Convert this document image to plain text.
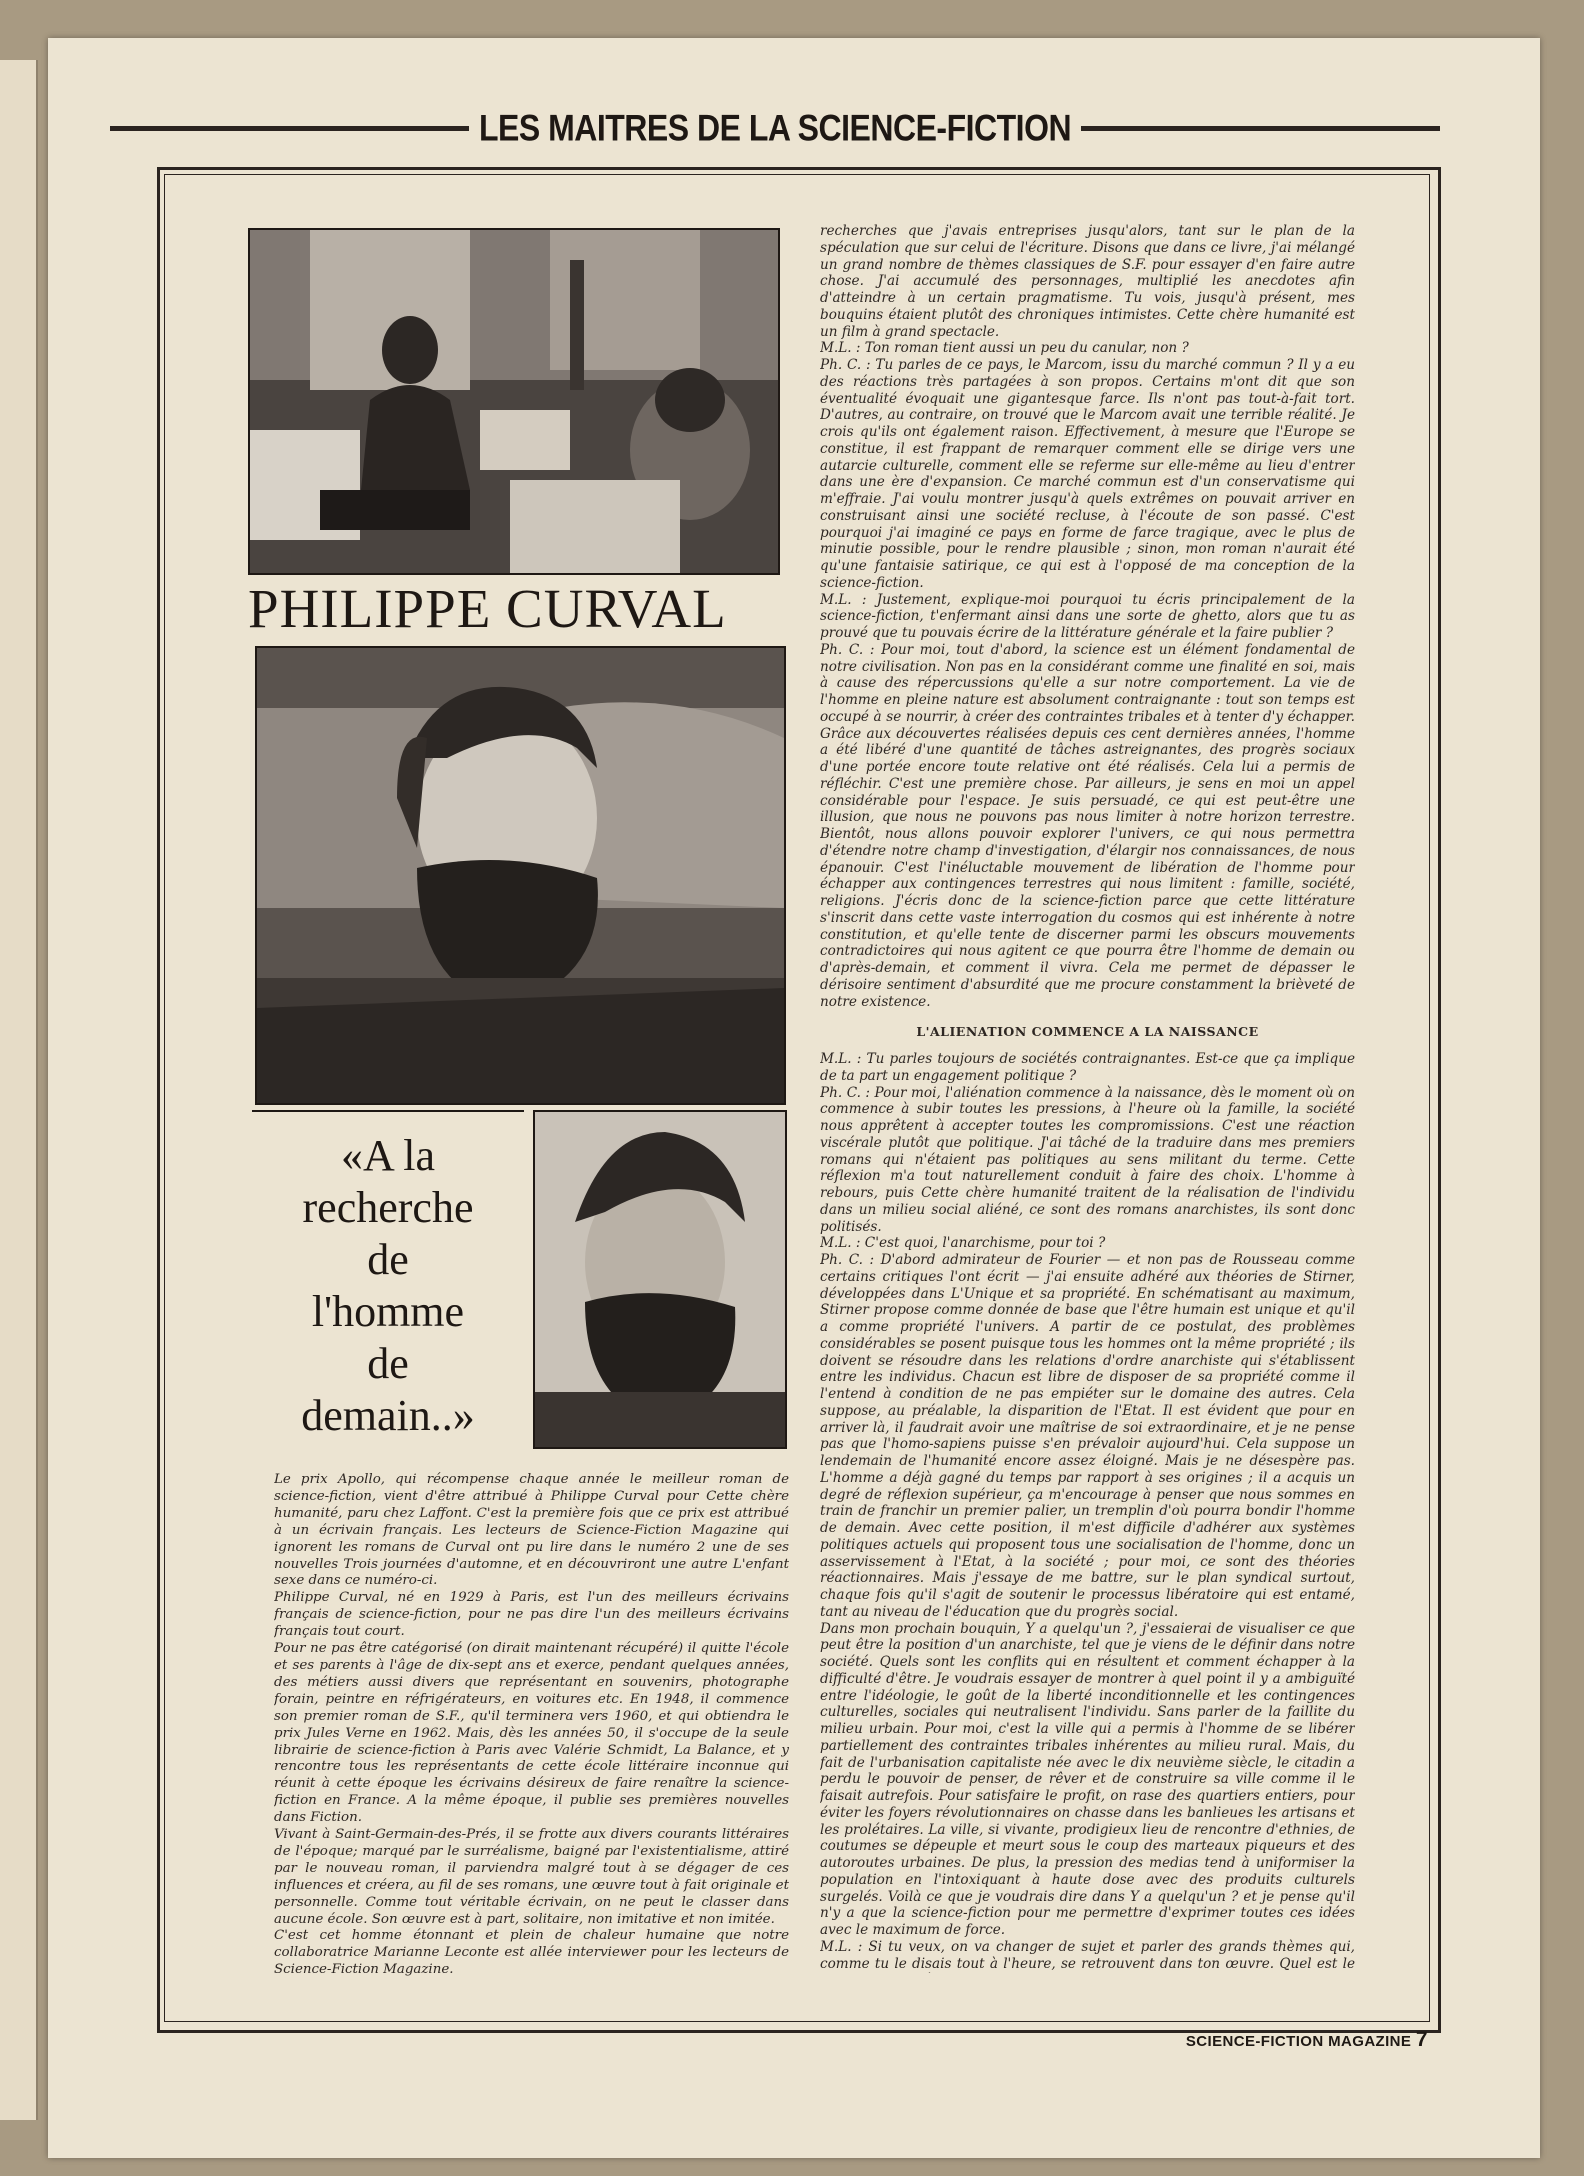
LES MAITRES DE LA SCIENCE-FICTION
PHILIPPE CURVAL
«A la
recherche
de
l'homme
de
demain..»

Le prix Apollo, qui récompense chaque année le meilleur roman de science-fiction, vient d'être attribué à Philippe Curval pour Cette chère humanité, paru chez Laffont. C'est la première fois que ce prix est attribué à un écrivain français. Les lecteurs de Science-Fiction Magazine qui ignorent les romans de Curval ont pu lire dans le numéro 2 une de ses nouvelles Trois journées d'automne, et en découvriront une autre L'enfant sexe dans ce numéro-ci.

Philippe Curval, né en 1929 à Paris, est l'un des meilleurs écrivains français de science-fiction, pour ne pas dire l'un des meilleurs écrivains français tout court.

Pour ne pas être catégorisé (on dirait maintenant récupéré) il quitte l'école et ses parents à l'âge de dix-sept ans et exerce, pendant quelques années, des métiers aussi divers que représentant en souvenirs, photographe forain, peintre en réfrigérateurs, en voitures etc. En 1948, il commence son premier roman de S.F., qu'il terminera vers 1960, et qui obtiendra le prix Jules Verne en 1962. Mais, dès les années 50, il s'occupe de la seule librairie de science-fiction à Paris avec Valérie Schmidt, La Balance, et y rencontre tous les représentants de cette école littéraire inconnue qui réunit à cette époque les écrivains désireux de faire renaître la science-fiction en France. A la même époque, il publie ses premières nouvelles dans Fiction.

Vivant à Saint-Germain-des-Prés, il se frotte aux divers courants littéraires de l'époque; marqué par le surréalisme, baigné par l'existentialisme, attiré par le nouveau roman, il parviendra malgré tout à se dégager de ces influences et créera, au fil de ses romans, une œuvre tout à fait originale et personnelle. Comme tout véritable écrivain, on ne peut le classer dans aucune école. Son œuvre est à part, solitaire, non imitative et non imitée.

C'est cet homme étonnant et plein de chaleur humaine que notre collaboratrice Marianne Leconte est allée interviewer pour les lecteurs de Science-Fiction Magazine.

recherches que j'avais entreprises jusqu'alors, tant sur le plan de la spéculation que sur celui de l'écriture. Disons que dans ce livre, j'ai mélangé un grand nombre de thèmes classiques de S.F. pour essayer d'en faire autre chose. J'ai accumulé des personnages, multiplié les anecdotes afin d'atteindre à un certain pragmatisme. Tu vois, jusqu'à présent, mes bouquins étaient plutôt des chroniques intimistes. Cette chère humanité est un film à grand spectacle.

M.L. : Ton roman tient aussi un peu du canular, non ?

Ph. C. : Tu parles de ce pays, le Marcom, issu du marché commun ? Il y a eu des réactions très partagées à son propos. Certains m'ont dit que son éventualité évoquait une gigantesque farce. Ils n'ont pas tout-à-fait tort. D'autres, au contraire, on trouvé que le Marcom avait une terrible réalité. Je crois qu'ils ont également raison. Effectivement, à mesure que l'Europe se constitue, il est frappant de remarquer comment elle se dirige vers une autarcie culturelle, comment elle se referme sur elle-même au lieu d'entrer dans une ère d'expansion. Ce marché commun est d'un conservatisme qui m'effraie. J'ai voulu montrer jusqu'à quels extrêmes on pouvait arriver en construisant ainsi une société recluse, à l'écoute de son passé. C'est pourquoi j'ai imaginé ce pays en forme de farce tragique, avec le plus de minutie possible, pour le rendre plausible ; sinon, mon roman n'aurait été qu'une fantaisie satirique, ce qui est à l'opposé de ma conception de la science-fiction.

M.L. : Justement, explique-moi pourquoi tu écris principalement de la science-fiction, t'enfermant ainsi dans une sorte de ghetto, alors que tu as prouvé que tu pouvais écrire de la littérature générale et la faire publier ?

Ph. C. : Pour moi, tout d'abord, la science est un élément fondamental de notre civilisation. Non pas en la considérant comme une finalité en soi, mais à cause des répercussions qu'elle a sur notre comportement. La vie de l'homme en pleine nature est absolument contraignante : tout son temps est occupé à se nourrir, à créer des contraintes tribales et à tenter d'y échapper. Grâce aux découvertes réalisées depuis ces cent dernières années, l'homme a été libéré d'une quantité de tâches astreignantes, des progrès sociaux d'une portée encore toute relative ont été réalisés. Cela lui a permis de réfléchir. C'est une première chose. Par ailleurs, je sens en moi un appel considérable pour l'espace. Je suis persuadé, ce qui est peut-être une illusion, que nous ne pouvons pas nous limiter à notre horizon terrestre. Bientôt, nous allons pouvoir explorer l'univers, ce qui nous permettra d'étendre notre champ d'investigation, d'élargir nos connaissances, de nous épanouir. C'est l'inéluctable mouvement de libération de l'homme pour échapper aux contingences terrestres qui nous limitent : famille, société, religions. J'écris donc de la science-fiction parce que cette littérature s'inscrit dans cette vaste interrogation du cosmos qui est inhérente à notre constitution, et qu'elle tente de discerner parmi les obscurs mouvements contradictoires qui nous agitent ce que pourra être l'homme de demain ou d'après-demain, et comment il vivra. Cela me permet de dépasser le dérisoire sentiment d'absurdité que me procure constamment la brièveté de notre existence.

L'ALIENATION COMMENCE A LA NAISSANCE

M.L. : Tu parles toujours de sociétés contraignantes. Est-ce que ça implique de ta part un engagement politique ?

Ph. C. : Pour moi, l'aliénation commence à la naissance, dès le moment où on commence à subir toutes les pressions, à l'heure où la famille, la société nous apprêtent à accepter toutes les compromissions. C'est une réaction viscérale plutôt que politique. J'ai tâché de la traduire dans mes premiers romans qui n'étaient pas politiques au sens militant du terme. Cette réflexion m'a tout naturellement conduit à faire des choix. L'homme à rebours, puis Cette chère humanité traitent de la réalisation de l'individu dans un milieu social aliéné, ce sont des romans anarchistes, ils sont donc politisés.

M.L. : C'est quoi, l'anarchisme, pour toi ?

Ph. C. : D'abord admirateur de Fourier — et non pas de Rousseau comme certains critiques l'ont écrit — j'ai ensuite adhéré aux théories de Stirner, développées dans L'Unique et sa propriété. En schématisant au maximum, Stirner propose comme donnée de base que l'être humain est unique et qu'il a comme propriété l'univers. A partir de ce postulat, des problèmes considérables se posent puisque tous les hommes ont la même propriété ; ils doivent se résoudre dans les relations d'ordre anarchiste qui s'établissent entre les individus. Chacun est libre de disposer de sa propriété comme il l'entend à condition de ne pas empiéter sur le domaine des autres. Cela suppose, au préalable, la disparition de l'Etat. Il est évident que pour en arriver là, il faudrait avoir une maîtrise de soi extraordinaire, et je ne pense pas que l'homo-sapiens puisse s'en prévaloir aujourd'hui. Cela suppose un lendemain de l'humanité encore assez éloigné. Mais je ne désespère pas. L'homme a déjà gagné du temps par rapport à ses origines ; il a acquis un degré de réflexion supérieur, ça m'encourage à penser que nous sommes en train de franchir un premier palier, un tremplin d'où pourra bondir l'homme de demain. Avec cette position, il m'est difficile d'adhérer aux systèmes politiques actuels qui proposent tous une socialisation de l'homme, donc un asservissement à l'Etat, à la société ; pour moi, ce sont des théories réactionnaires. Mais j'essaye de me battre, sur le plan syndical surtout, chaque fois qu'il s'agit de soutenir le processus libératoire qui est entamé, tant au niveau de l'éducation que du progrès social.

Dans mon prochain bouquin, Y a quelqu'un ?, j'essaierai de visualiser ce que peut être la position d'un anarchiste, tel que je viens de le définir dans notre société. Quels sont les conflits qui en résultent et comment échapper à la difficulté d'être. Je voudrais essayer de montrer à quel point il y a ambiguïté entre l'idéologie, le goût de la liberté inconditionnelle et les contingences culturelles, sociales qui neutralisent l'individu. Sans parler de la faillite du milieu urbain. Pour moi, c'est la ville qui a permis à l'homme de se libérer partiellement des contraintes tribales inhérentes au milieu rural. Mais, du fait de l'urbanisation capitaliste née avec le dix neuvième siècle, le citadin a perdu le pouvoir de penser, de rêver et de construire sa ville comme il le faisait autrefois. Pour satisfaire le profit, on rase des quartiers entiers, pour éviter les foyers révolutionnaires on chasse dans les banlieues les artisans et les prolétaires. La ville, si vivante, prodigieux lieu de rencontre d'ethnies, de coutumes se dépeuple et meurt sous le coup des marteaux piqueurs et des autoroutes urbaines. De plus, la pression des medias tend à uniformiser la population en l'intoxiquant à haute dose avec des produits culturels surgelés. Voilà ce que je voudrais dire dans Y a quelqu'un ? et je pense qu'il n'y a que la science-fiction pour me permettre d'exprimer toutes ces idées avec le maximum de force.

M.L. : Si tu veux, on va changer de sujet et parler des grands thèmes qui, comme tu le disais tout à l'heure, se retrouvent dans ton œuvre. Quel est le

SCIENCE-FICTION MAGAZINE 7
